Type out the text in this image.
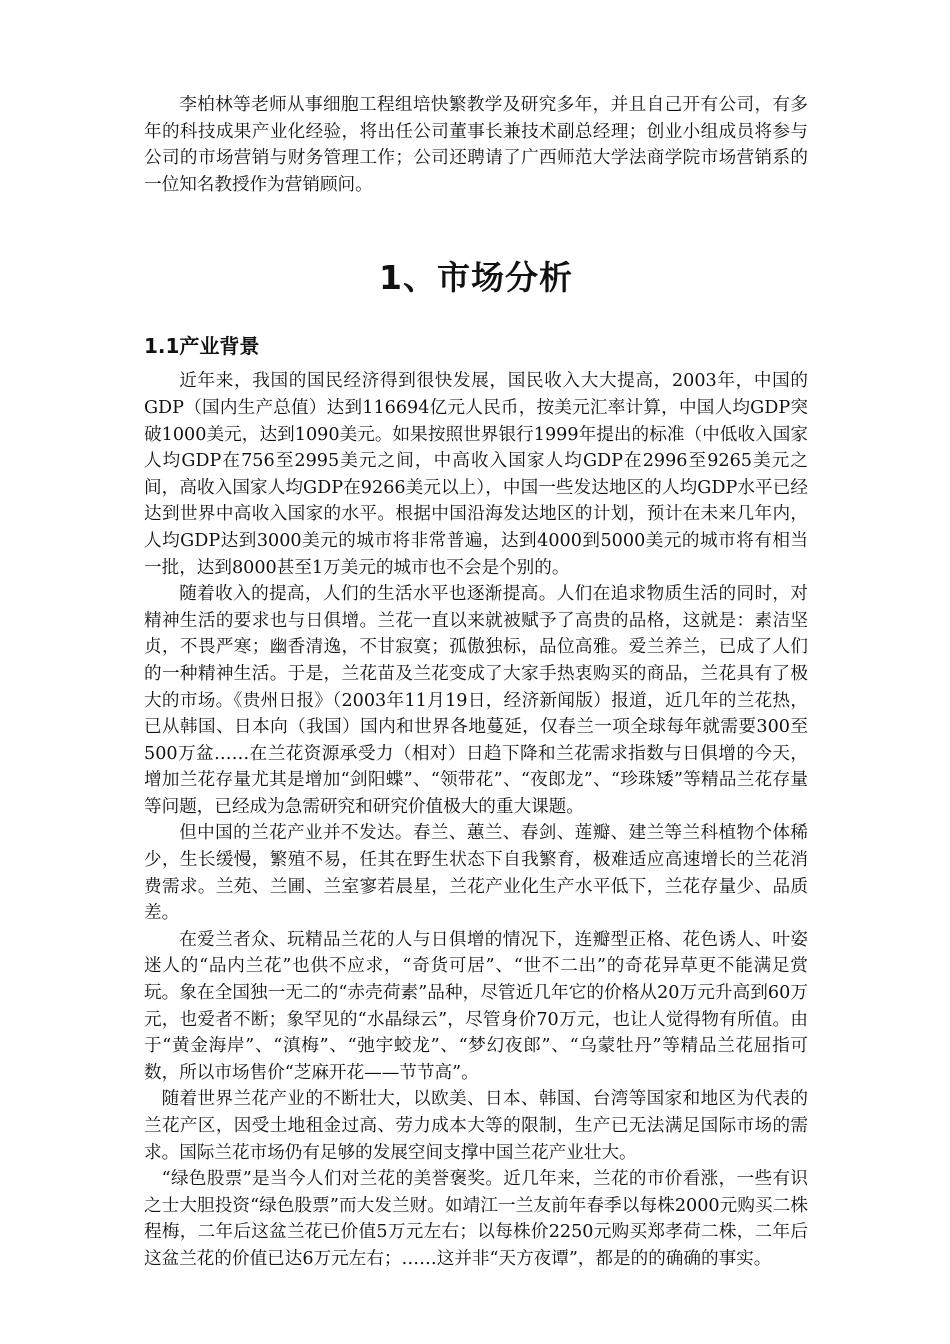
李柏林等老师从事细胞工程组培快繁教学及研究多年，并且自己开有公司，有多年的科技成果产业化经验，将出任公司董事长兼技术副总经理；创业小组成员将参与公司的市场营销与财务管理工作；公司还聘请了广西师范大学法商学院市场营销系的一位知名教授作为营销顾问。

1、市场分析
1.1产业背景

近年来，我国的国民经济得到很快发展，国民收入大大提高，2003年，中国的GDP（国内生产总值）达到116694亿元人民币，按美元汇率计算，中国人均GDP突破1000美元，达到1090美元。如果按照世界银行1999年提出的标准（中低收入国家人均GDP在756至2995美元之间，中高收入国家人均GDP在2996至9265美元之间，高收入国家人均GDP在9266美元以上），中国一些发达地区的人均GDP水平已经达到世界中高收入国家的水平。根据中国沿海发达地区的计划，预计在未来几年内，人均GDP达到3000美元的城市将非常普遍，达到4000到5000美元的城市将有相当一批，达到8000甚至1万美元的城市也不会是个别的。

随着收入的提高，人们的生活水平也逐渐提高。人们在追求物质生活的同时，对精神生活的要求也与日俱增。兰花一直以来就被赋予了高贵的品格，这就是：素洁坚贞，不畏严寒；幽香清逸，不甘寂寞；孤傲独标，品位高雅。爱兰养兰，已成了人们的一种精神生活。于是，兰花苗及兰花变成了大家手热衷购买的商品，兰花具有了极大的市场。《贵州日报》（2003年11月19日，经济新闻版）报道，近几年的兰花热，已从韩国、日本向（我国）国内和世界各地蔓延，仅春兰一项全球每年就需要300至500万盆……在兰花资源承受力（相对）日趋下降和兰花需求指数与日俱增的今天，增加兰花存量尤其是增加“剑阳蝶”、“领带花”、“夜郎龙”、“珍珠矮”等精品兰花存量等问题，已经成为急需研究和研究价值极大的重大课题。

但中国的兰花产业并不发达。春兰、蕙兰、春剑、莲瓣、建兰等兰科植物个体稀少，生长缓慢，繁殖不易，任其在野生状态下自我繁育，极难适应高速增长的兰花消费需求。兰苑、兰圃、兰室寥若晨星，兰花产业化生产水平低下，兰花存量少、品质差。

在爱兰者众、玩精品兰花的人与日俱增的情况下，连瓣型正格、花色诱人、叶姿迷人的“品内兰花”也供不应求，“奇货可居”、“世不二出”的奇花异草更不能满足赏玩。象在全国独一无二的“赤壳荷素”品种，尽管近几年它的价格从20万元升高到60万元，也爱者不断；象罕见的“水晶绿云”，尽管身价70万元，也让人觉得物有所值。由于“黄金海岸”、“滇梅”、“弛宇蛟龙”、“梦幻夜郎”、“乌蒙牡丹”等精品兰花屈指可数，所以市场售价“芝麻开花——节节高”。

随着世界兰花产业的不断壮大，以欧美、日本、韩国、台湾等国家和地区为代表的兰花产区，因受土地租金过高、劳力成本大等的限制，生产已无法满足国际市场的需求。国际兰花市场仍有足够的发展空间支撑中国兰花产业壮大。

“绿色股票”是当今人们对兰花的美誉褒奖。近几年来，兰花的市价看涨，一些有识之士大胆投资“绿色股票”而大发兰财。如靖江一兰友前年春季以每株2000元购买二株程梅，二年后这盆兰花已价值5万元左右；以每株价2250元购买郑孝荷二株，二年后这盆兰花的价值已达6万元左右；……这并非“天方夜谭”，都是的的确确的事实。
